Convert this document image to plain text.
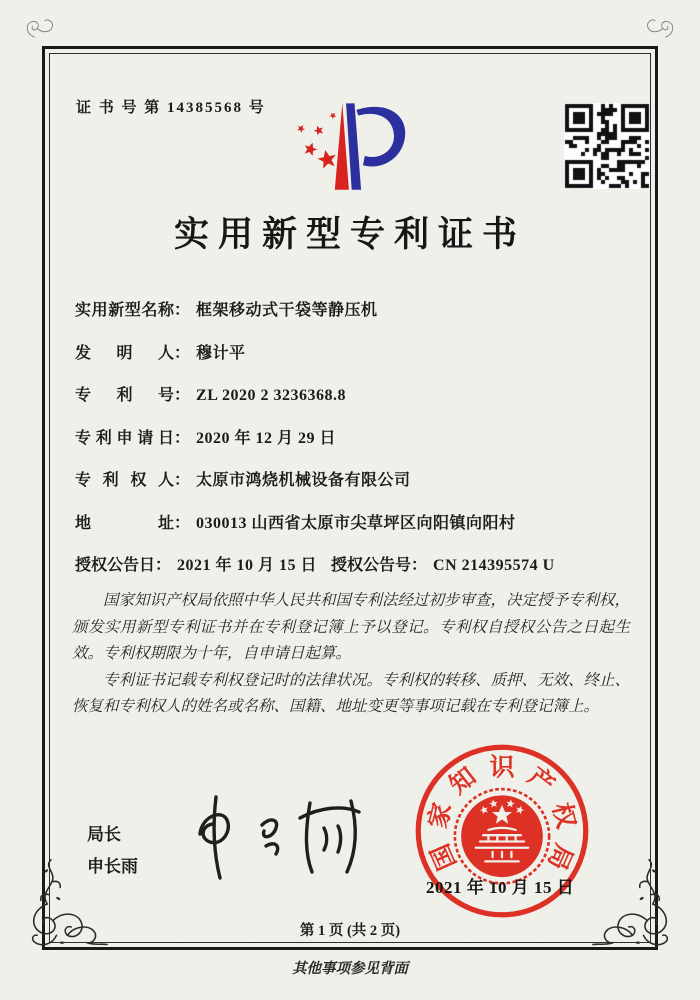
证 书 号 第 14385568 号
实用新型专利证书
实用新型名称： 框架移动式干袋等静压机
发明人： 穆计平
专利号： ZL 2020 2 3236368.8
专利申请日： 2020 年 12 月 29 日
专利权人： 太原市鸿烧机械设备有限公司
地址： 030013 山西省太原市尖草坪区向阳镇向阳村
授权公告日： 2021 年 10 月 15 日 授权公告号： CN 214395574 U

国家知识产权局依照中华人民共和国专利法经过初步审查，决定授予专利权，颁发实用新型专利证书并在专利登记簿上予以登记。专利权自授权公告之日起生效。专利权期限为十年，自申请日起算。

专利证书记载专利权登记时的法律状况。专利权的转移、质押、无效、终止、恢复和专利权人的姓名或名称、国籍、地址变更等事项记载在专利登记簿上。

局长
申长雨	国
家
知 识 产
权
局
2021 年 10 月 15 日
第 1 页 (共 2 页)
其他事项参见背面
